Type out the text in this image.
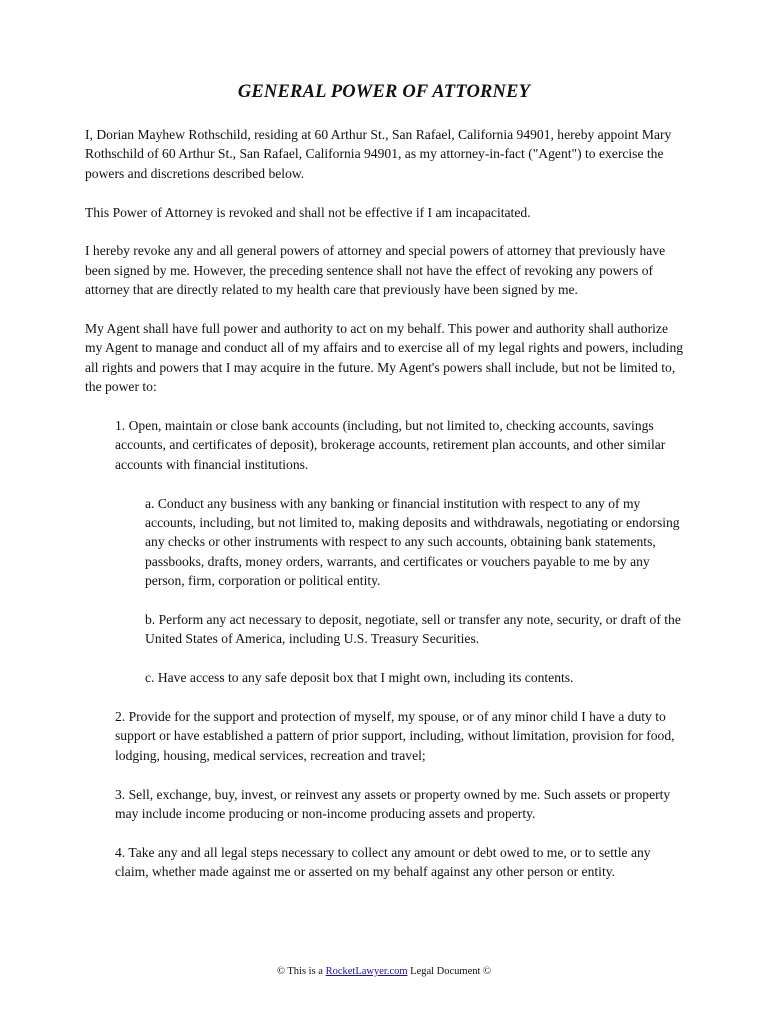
GENERAL POWER OF ATTORNEY

I, Dorian Mayhew Rothschild, residing at 60 Arthur St., San Rafael, California 94901, hereby appoint Mary Rothschild of 60 Arthur St., San Rafael, California 94901, as my attorney-in-fact ("Agent") to exercise the powers and discretions described below.

This Power of Attorney is revoked and shall not be effective if I am incapacitated.

I hereby revoke any and all general powers of attorney and special powers of attorney that previously have been signed by me. However, the preceding sentence shall not have the effect of revoking any powers of attorney that are directly related to my health care that previously have been signed by me.

My Agent shall have full power and authority to act on my behalf. This power and authority shall authorize my Agent to manage and conduct all of my affairs and to exercise all of my legal rights and powers, including all rights and powers that I may acquire in the future. My Agent's powers shall include, but not be limited to, the power to:

1. Open, maintain or close bank accounts (including, but not limited to, checking accounts, savings accounts, and certificates of deposit), brokerage accounts, retirement plan accounts, and other similar accounts with financial institutions.

a. Conduct any business with any banking or financial institution with respect to any of my accounts, including, but not limited to, making deposits and withdrawals, negotiating or endorsing any checks or other instruments with respect to any such accounts, obtaining bank statements, passbooks, drafts, money orders, warrants, and certificates or vouchers payable to me by any person, firm, corporation or political entity.

b. Perform any act necessary to deposit, negotiate, sell or transfer any note, security, or draft of the United States of America, including U.S. Treasury Securities.

c. Have access to any safe deposit box that I might own, including its contents.

2. Provide for the support and protection of myself, my spouse, or of any minor child I have a duty to support or have established a pattern of prior support, including, without limitation, provision for food, lodging, housing, medical services, recreation and travel;

3. Sell, exchange, buy, invest, or reinvest any assets or property owned by me. Such assets or property may include income producing or non-income producing assets and property.

4. Take any and all legal steps necessary to collect any amount or debt owed to me, or to settle any claim, whether made against me or asserted on my behalf against any other person or entity.

© This is a RocketLawyer.com Legal Document ©
